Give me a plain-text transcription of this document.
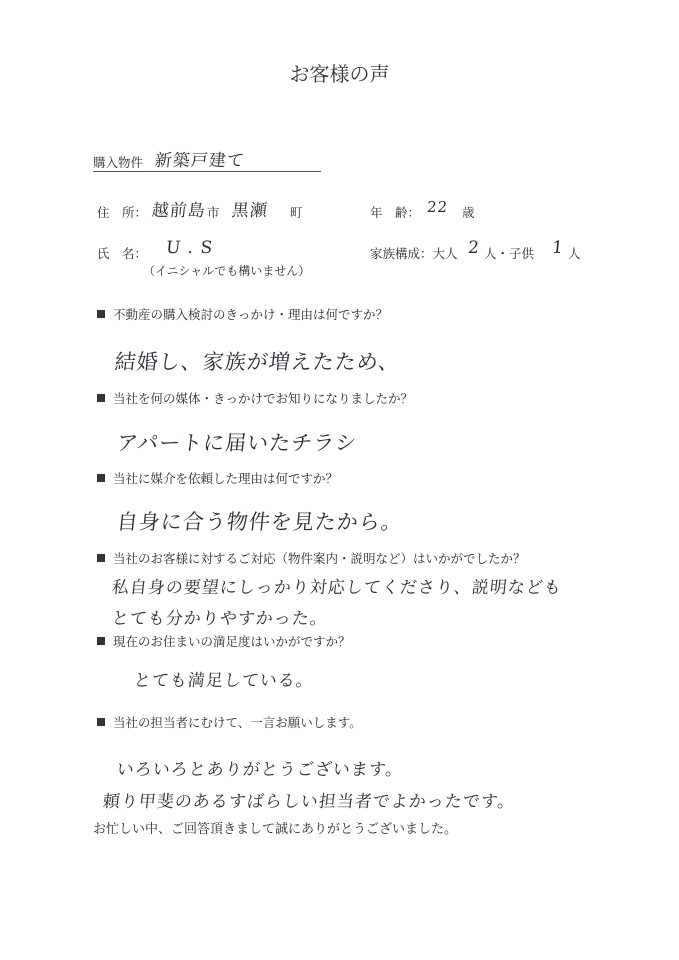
お客様の声
購入物件 新築戸建て
住　所： 越前島 市 黒瀬 町	年　齢： 22 歳
氏　名： U . S
（イニシャルでも構いません）
家族構成：大人 2 人・子供 1 人
不動産の購入検討のきっかけ・理由は何ですか？
結婚し、家族が増えたため、
当社を何の媒体・きっかけでお知りになりましたか？
アパートに届いたチラシ
当社に媒介を依頼した理由は何ですか？
自身に合う物件を見たから。
当社のお客様に対するご対応（物件案内・説明など）はいかがでしたか？
私自身の要望にしっかり対応してくださり、説明なども
とても分かりやすかった。
現在のお住まいの満足度はいかがですか？
とても満足している。
当社の担当者にむけて、一言お願いします。
いろいろとありがとうございます。
頼り甲斐のあるすばらしい担当者でよかったです。
お忙しい中、ご回答頂きまして誠にありがとうございました。
